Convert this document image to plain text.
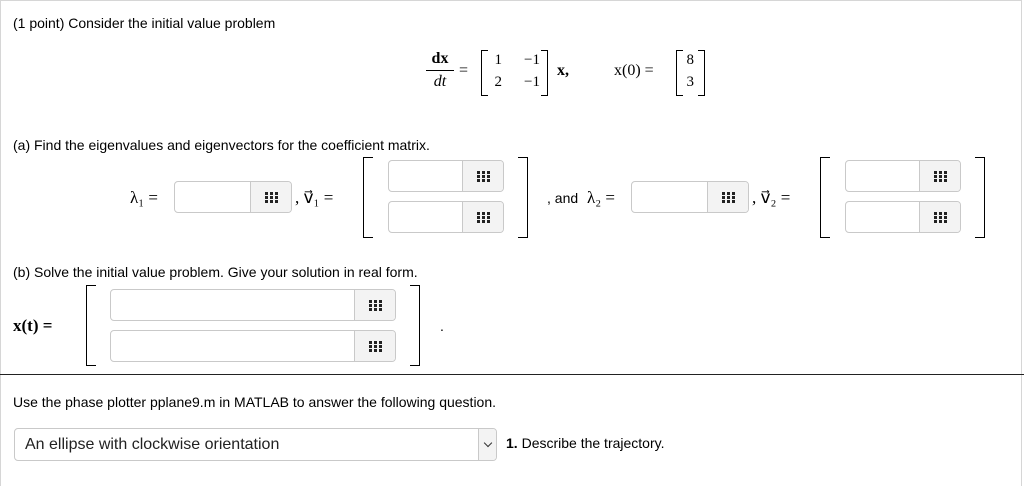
(1 point) Consider the initial value problem
dx
dt
=
1	−1
2	−1
x,	x(0) =
8
3
(a) Find the eigenvalues and eigenvectors for the coefficient matrix.
λ₁ =	, v⃗₁ =	, and λ₂ =	, v⃗₂ =
(b) Solve the initial value problem. Give your solution in real form.
x(t) =	.
Use the phase plotter pplane9.m in MATLAB to answer the following question.
An ellipse with clockwise orientation	1. Describe the trajectory.
